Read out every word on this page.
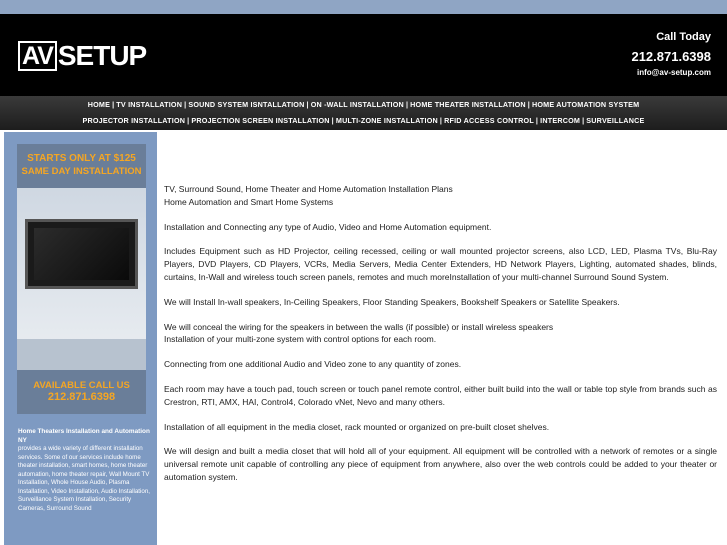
AV SETUP
Call Today
212.871.6398
info@av-setup.com
HOME | TV INSTALLATION | SOUND SYSTEM ISNTALLATION | ON -WALL INSTALLATION | HOME THEATER INSTALLATION | HOME AUTOMATION SYSTEM
PROJECTOR INSTALLATION | PROJECTION SCREEN INSTALLATION | MULTI-ZONE INSTALLATION | RFID ACCESS CONTROL | INTERCOM | SURVEILLANCE
STARTS ONLY AT $125
SAME DAY INSTALLATION
AVAILABLE CALL US
212.871.6398
Home Theaters Installation and Automation NY
provides a wide variety of different installation services. Some of our services include home theater installation, smart homes, home theater automation, home theater repair, Wall Mount TV Installation, Whole House Audio, Plasma Installation, Video Installation, Audio Installation, Surveillance System Installation, Security Cameras, Surround Sound

TV, Surround Sound, Home Theater and Home Automation Installation Plans
Home Automation and Smart Home Systems

Installation and Connecting any type of Audio, Video and Home Automation equipment.

Includes Equipment such as HD Projector, ceiling recessed, ceiling or wall mounted projector screens, also LCD, LED, Plasma TVs, Blu-Ray Players, DVD Players, CD Players, VCRs, Media Servers, Media Center Extenders, HD Network Players, Lighting, automated shades, blinds, curtains, In-Wall and wireless touch screen panels, remotes and much moreInstallation of your multi-channel Surround Sound System.

We will Install In-wall speakers, In-Ceiling Speakers, Floor Standing Speakers, Bookshelf Speakers or Satellite Speakers.

We will conceal the wiring for the speakers in between the walls (if possible) or install wireless speakers
Installation of your multi-zone system with control options for each room.

Connecting from one additional Audio and Video zone to any quantity of zones.

Each room may have a touch pad, touch screen or touch panel remote control, either built build into the wall or table top style from brands such as Crestron, RTI, AMX, HAI, Control4, Colorado vNet, Nevo and many others.

Installation of all equipment in the media closet, rack mounted or organized on pre-built closet shelves.

We will design and built a media closet that will hold all of your equipment. All equipment will be controlled with a network of remotes or a single universal remote unit capable of controlling any piece of equipment from anywhere, also over the web controls could be added to your theater or automation system.
